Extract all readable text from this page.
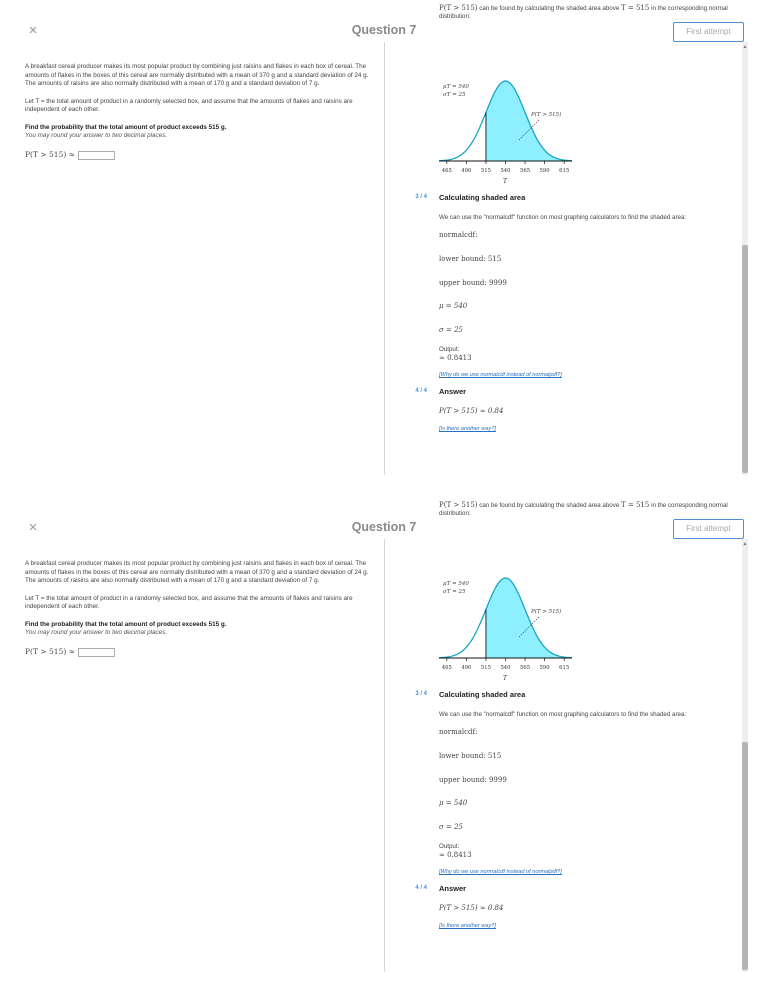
×	Question 7	First attempt

A breakfast cereal producer makes its most popular product by combining just raisins and flakes in each box of cereal. The amounts of flakes in the boxes of this cereal are normally distributed with a mean of 370 g and a standard deviation of 24 g. The amounts of raisins are also normally distributed with a mean of 170 g and a standard deviation of 7 g.

Let T = the total amount of product in a randomly selected box, and assume that the amounts of flakes and raisins are independent of each other.

Find the probability that the total amount of product exceeds 515 g.

You may round your answer to two decimal places.

P(T > 515) ≈
P(T > 515) can be found by calculating the shaded area above T = 515 in the corresponding normal distribution:
465 490 515 540 565 590 615
μT = 540
σT = 25
P(T > 515)
T
3 / 4 Calculating shaded area
We can use the "normalcdf" function on most graphing calculators to find the shaded area:
normalcdf:
lower bound: 515
upper bound: 9999
μ = 540
σ = 25
Output:
≈ 0.8413
[Why do we use normalcdf instead of normalpdf?]
4 / 4 Answer
P(T > 515) ≈ 0.84
[Is there another way?]
▲
×	Question 7	First attempt

A breakfast cereal producer makes its most popular product by combining just raisins and flakes in each box of cereal. The amounts of flakes in the boxes of this cereal are normally distributed with a mean of 370 g and a standard deviation of 24 g. The amounts of raisins are also normally distributed with a mean of 170 g and a standard deviation of 7 g.

Let T = the total amount of product in a randomly selected box, and assume that the amounts of flakes and raisins are independent of each other.

Find the probability that the total amount of product exceeds 515 g.

You may round your answer to two decimal places.

P(T > 515) ≈
P(T > 515) can be found by calculating the shaded area above T = 515 in the corresponding normal distribution:
465 490 515 540 565 590 615
μT = 540
σT = 25
P(T > 515)
T
3 / 4 Calculating shaded area
We can use the "normalcdf" function on most graphing calculators to find the shaded area:
normalcdf:
lower bound: 515
upper bound: 9999
μ = 540
σ = 25
Output:
≈ 0.8413
[Why do we use normalcdf instead of normalpdf?]
4 / 4 Answer
P(T > 515) ≈ 0.84
[Is there another way?]
▲
